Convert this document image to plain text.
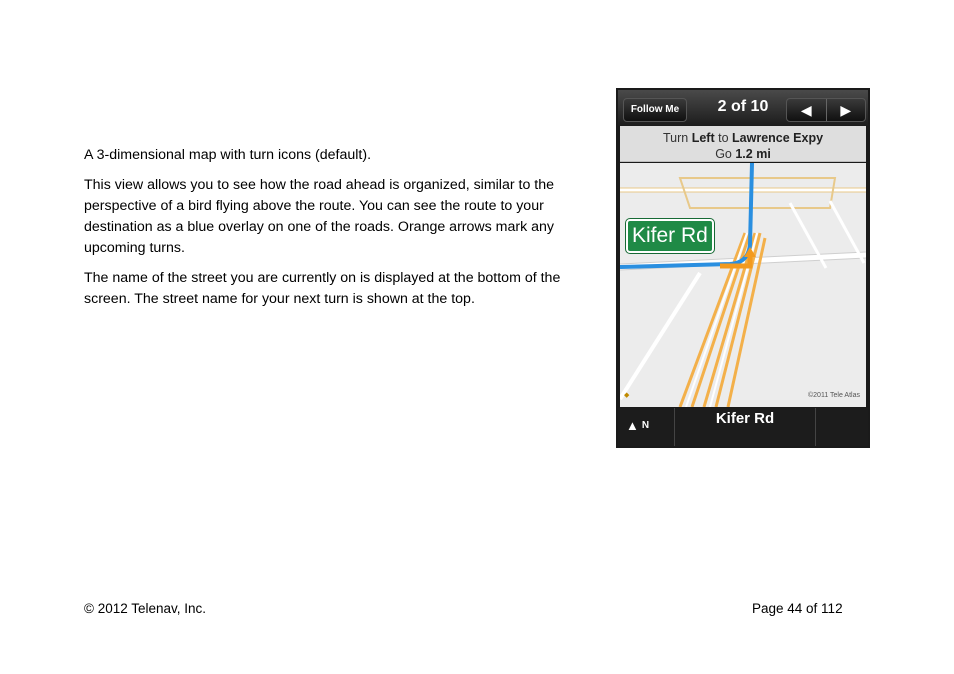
A 3-dimensional map with turn icons (default).

This view allows you to see how the road ahead is organized, similar to the perspective of a bird flying above the route. You can see the route to your destination as a blue overlay on one of the roads. Orange arrows mark any upcoming turns.

The name of the street you are currently on is displayed at the bottom of the screen. The street name for your next turn is shown at the top.

Follow Me	2 of 10	◀	▶
Turn Left to Lawrence Expy
Go 1.2 mi
Kifer Rd
◆	©2011 Tele Atlas
▲ N	Kifer Rd
© 2012 Telenav, Inc.	Page 44 of 112
